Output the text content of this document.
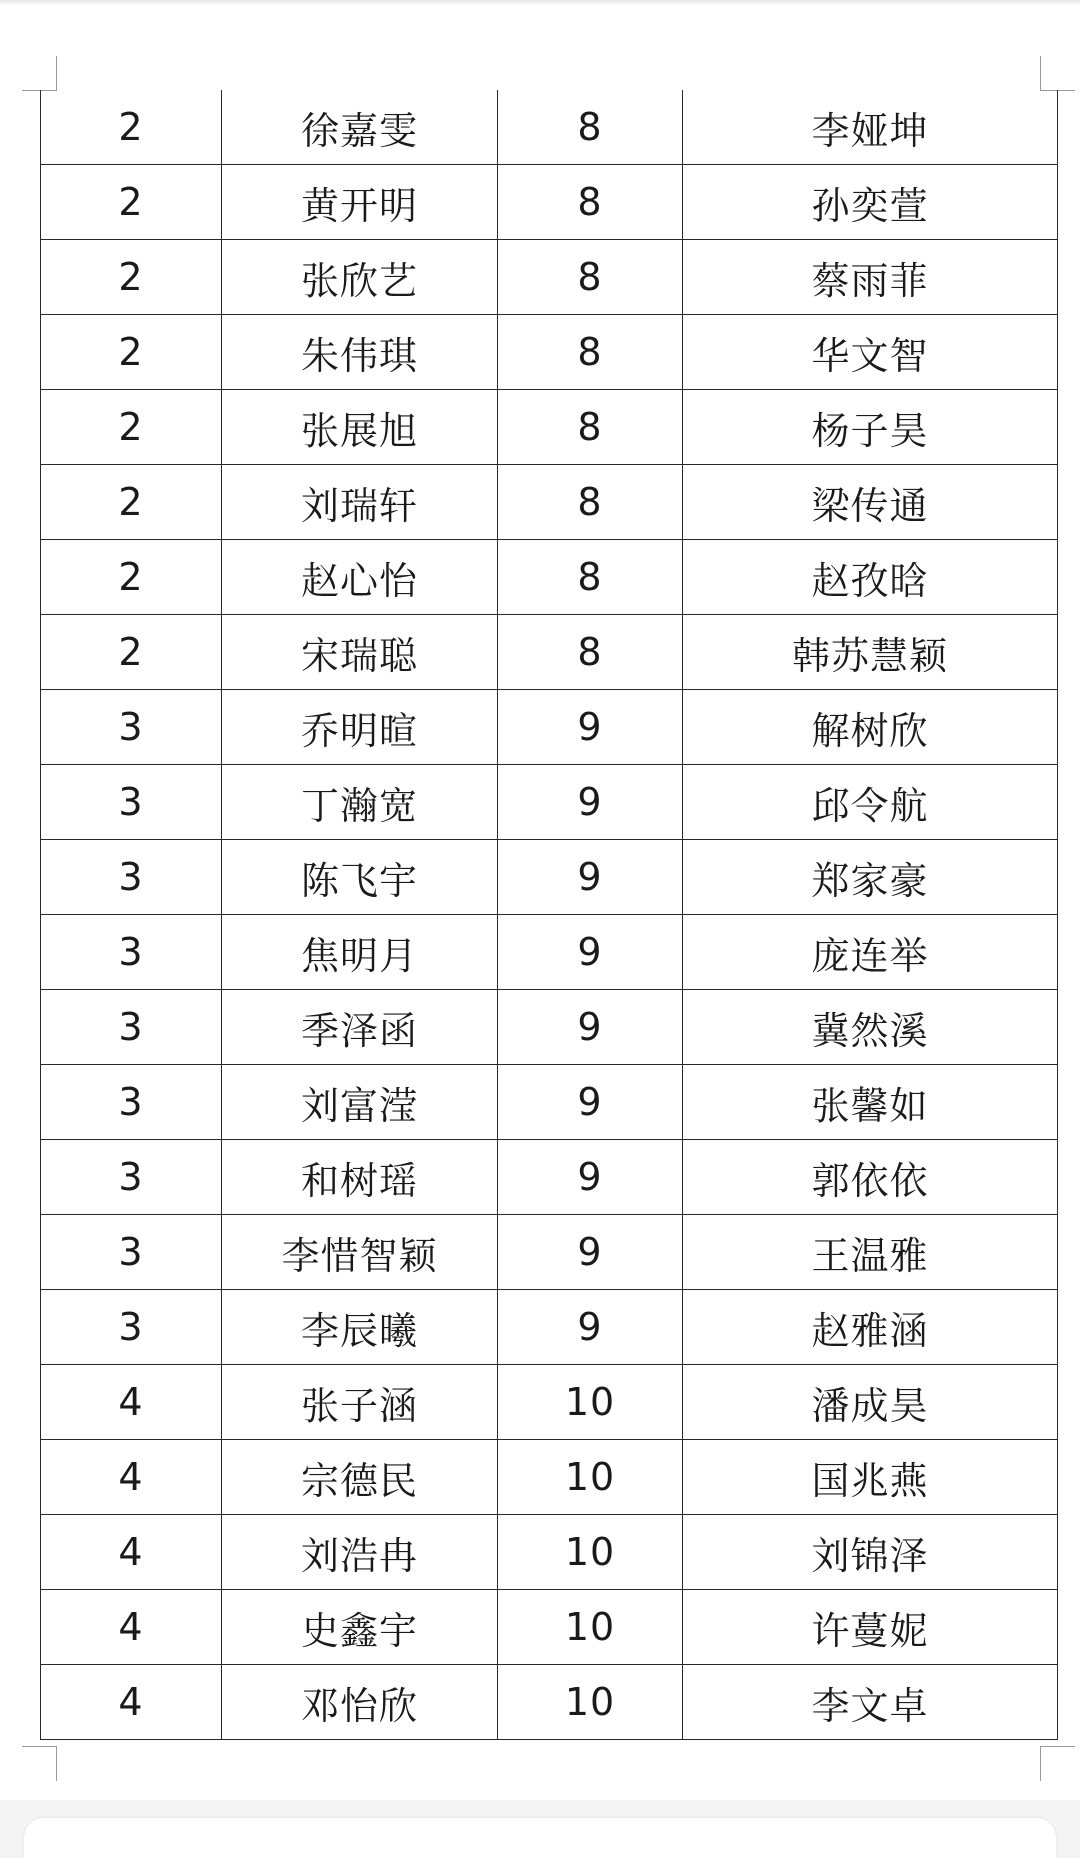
2	徐嘉雯	8	李娅坤
2	黄开明	8	孙奕萱
2	张欣艺	8	蔡雨菲
2	朱伟琪	8	华文智
2	张展旭	8	杨子昊
2	刘瑞轩	8	梁传通
2	赵心怡	8	赵孜晗
2	宋瑞聪	8	韩苏慧颖
3	乔明暄	9	解树欣
3	丁瀚宽	9	邱令航
3	陈飞宇	9	郑家豪
3	焦明月	9	庞连举
3	季泽函	9	冀然溪
3	刘富滢	9	张馨如
3	和树瑶	9	郭依依
3	李惜智颖	9	王温雅
3	李辰曦	9	赵雅涵
4	张子涵	10	潘成昊
4	宗德民	10	国兆燕
4	刘浩冉	10	刘锦泽
4	史鑫宇	10	许蔓妮
4	邓怡欣	10	李文卓
